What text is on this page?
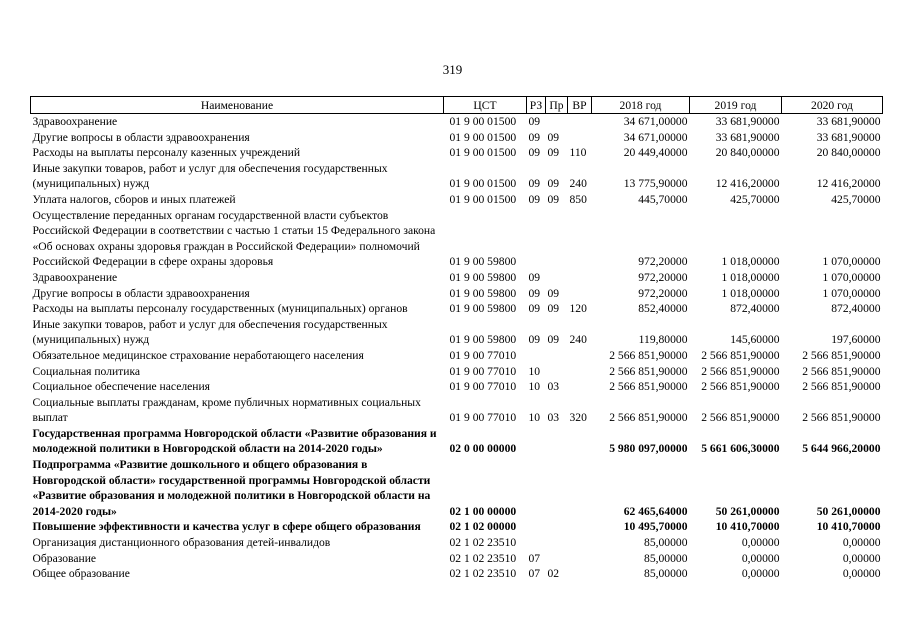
319
Наименование	ЦСТ	РЗ	Пр	ВР	2018 год	2019 год	2020 год
Здравоохранение	01 9 00 01500	09			34 671,00000	33 681,90000	33 681,90000
Другие вопросы в области здравоохранения	01 9 00 01500	09	09		34 671,00000	33 681,90000	33 681,90000
Расходы на выплаты персоналу казенных учреждений	01 9 00 01500	09	09	110	20 449,40000	20 840,00000	20 840,00000
Иные закупки товаров, работ и услуг для обеспечения государственных (муниципальных) нужд	01 9 00 01500	09	09	240	13 775,90000	12 416,20000	12 416,20000
Уплата налогов, сборов и иных платежей	01 9 00 01500	09	09	850	445,70000	425,70000	425,70000
Осуществление переданных органам государственной власти субъектов Российской Федерации в соответствии с частью 1 статьи 15 Федерального закона «Об основах охраны здоровья граждан в Российской Федерации» полномочий Российской Федерации в сфере охраны здоровья	01 9 00 59800				972,20000	1 018,00000	1 070,00000
Здравоохранение	01 9 00 59800	09			972,20000	1 018,00000	1 070,00000
Другие вопросы в области здравоохранения	01 9 00 59800	09	09		972,20000	1 018,00000	1 070,00000
Расходы на выплаты персоналу государственных (муниципальных) органов	01 9 00 59800	09	09	120	852,40000	872,40000	872,40000
Иные закупки товаров, работ и услуг для обеспечения государственных (муниципальных) нужд	01 9 00 59800	09	09	240	119,80000	145,60000	197,60000
Обязательное медицинское страхование неработающего населения	01 9 00 77010				2 566 851,90000	2 566 851,90000	2 566 851,90000
Социальная политика	01 9 00 77010	10			2 566 851,90000	2 566 851,90000	2 566 851,90000
Социальное обеспечение населения	01 9 00 77010	10	03		2 566 851,90000	2 566 851,90000	2 566 851,90000
Социальные выплаты гражданам, кроме публичных нормативных социальных выплат	01 9 00 77010	10	03	320	2 566 851,90000	2 566 851,90000	2 566 851,90000
Государственная программа Новгородской области «Развитие образования и молодежной политики в Новгородской области на 2014-2020 годы»	02 0 00 00000				5 980 097,00000	5 661 606,30000	5 644 966,20000
Подпрограмма «Развитие дошкольного и общего образования в Новгородской области» государственной программы Новгородской области «Развитие образования и молодежной политики в Новгородской области на 2014-2020 годы»	02 1 00 00000				62 465,64000	50 261,00000	50 261,00000
Повышение эффективности и качества услуг в сфере общего образования	02 1 02 00000				10 495,70000	10 410,70000	10 410,70000
Организация дистанционного образования детей-инвалидов	02 1 02 23510				85,00000	0,00000	0,00000
Образование	02 1 02 23510	07			85,00000	0,00000	0,00000
Общее образование	02 1 02 23510	07	02		85,00000	0,00000	0,00000
